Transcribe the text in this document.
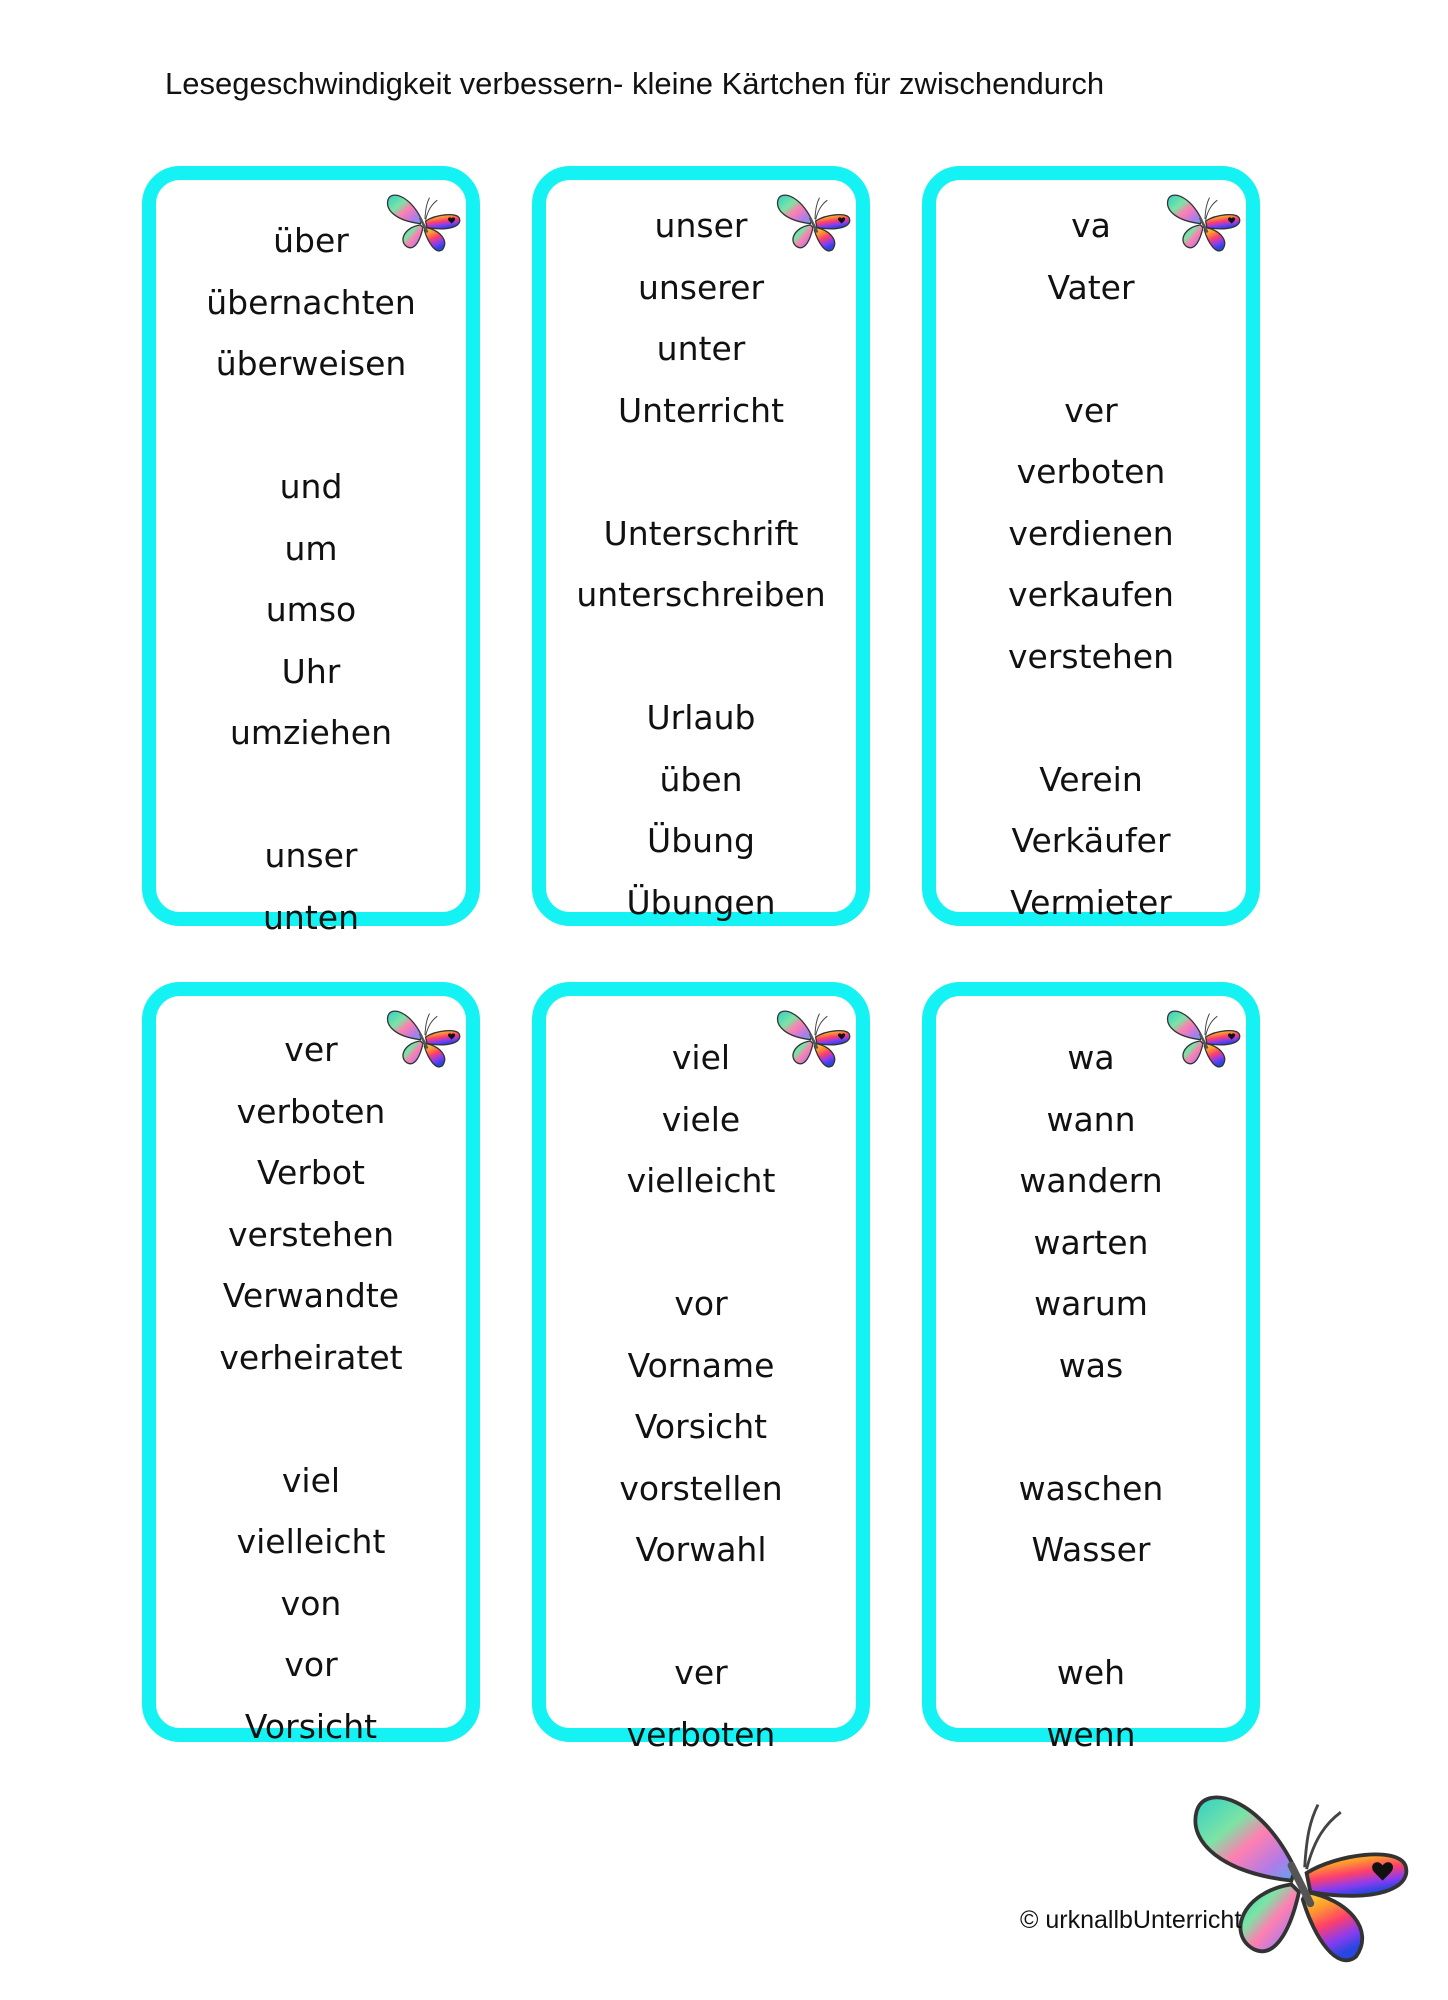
Lesegeschwindigkeit verbessern- kleine Kärtchen für zwischendurch
über
übernachten
überweisen
und
um
umso
Uhr
umziehen
unser
unten
unser
unserer
unter
Unterricht
Unterschrift
unterschreiben
Urlaub
üben
Übung
Übungen
va
Vater
ver
verboten
verdienen
verkaufen
verstehen
Verein
Verkäufer
Vermieter
ver
verboten
Verbot
verstehen
Verwandte
verheiratet
viel
vielleicht
von
vor
Vorsicht
viel
viele
vielleicht
vor
Vorname
Vorsicht
vorstellen
Vorwahl
ver
verboten
wa
wann
wandern
warten
warum
was
waschen
Wasser
weh
wenn
© urknallbUnterricht
